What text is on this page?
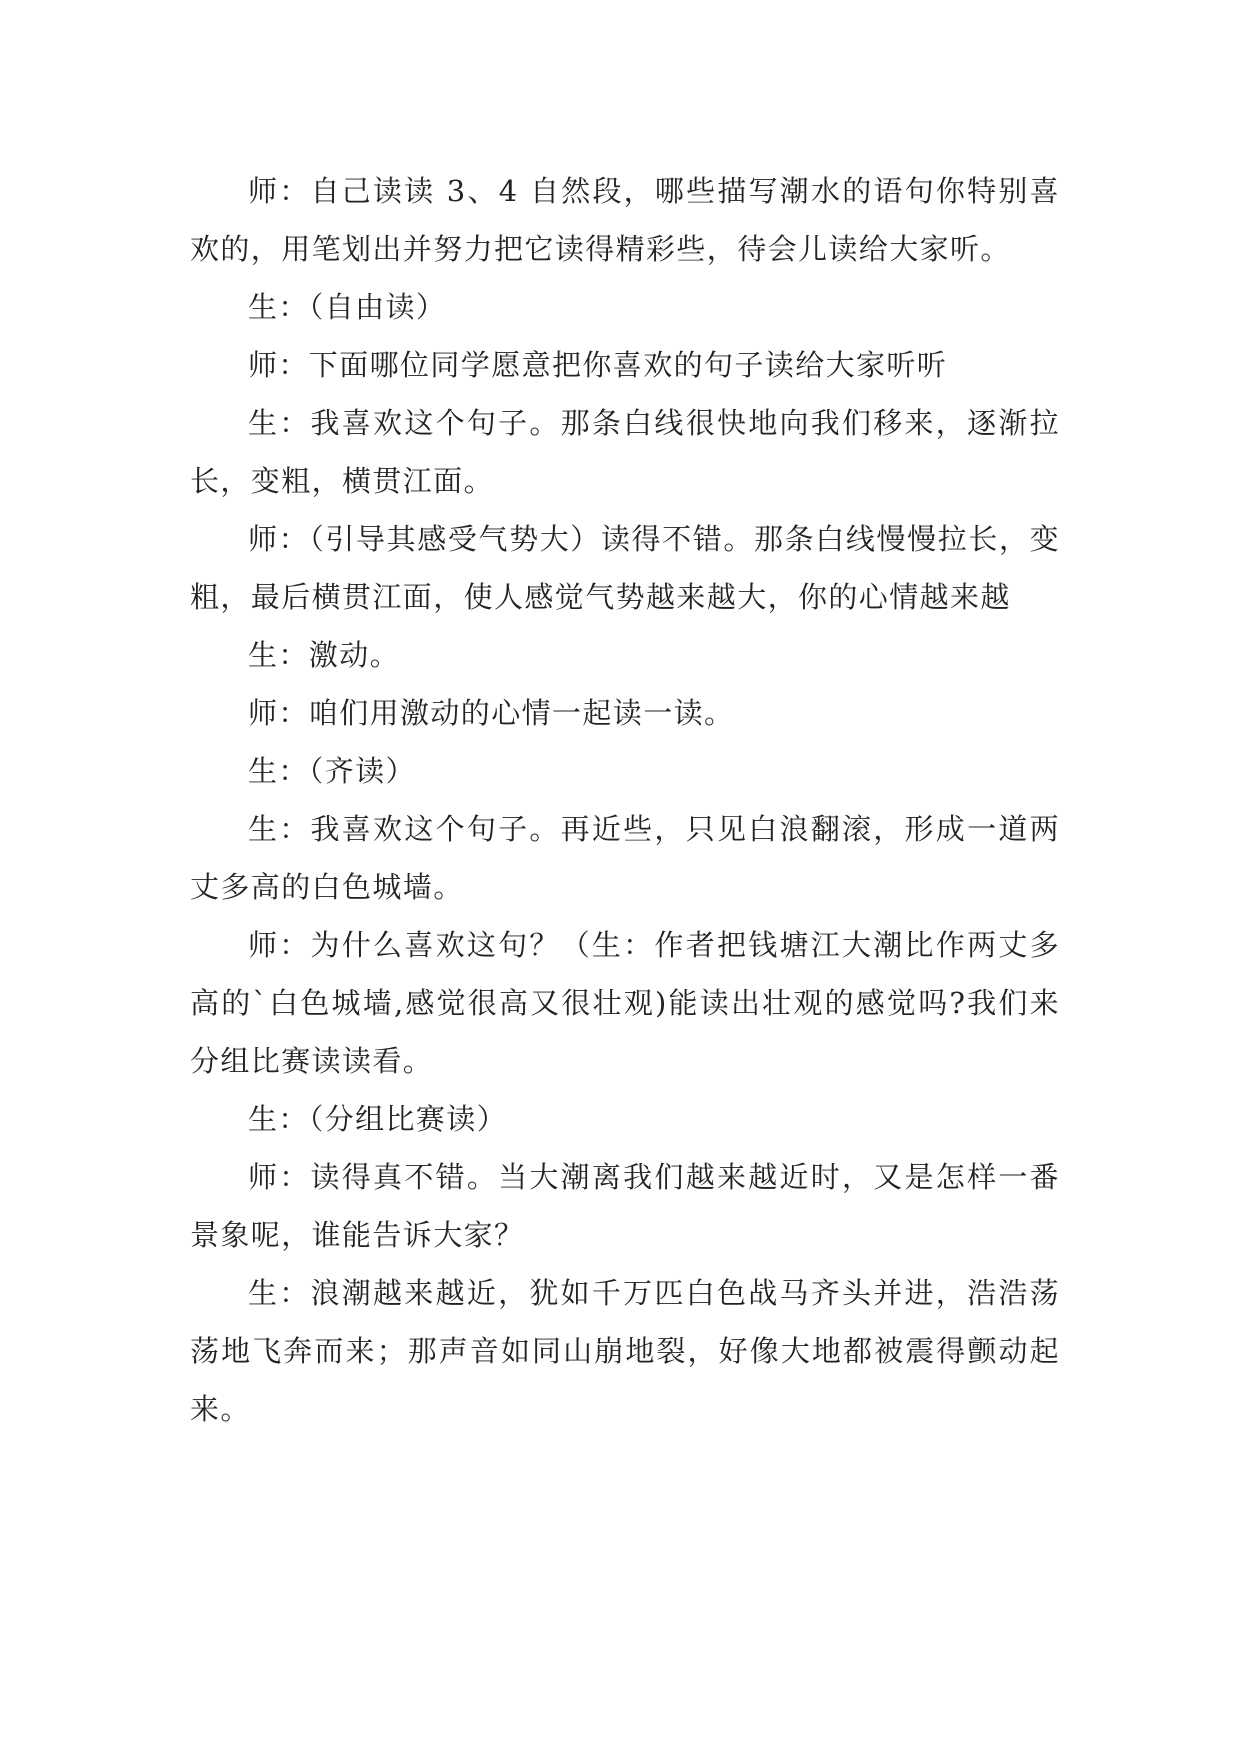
师：自己读读 3、4 自然段，哪些描写潮水的语句你特别喜欢的，用笔划出并努力把它读得精彩些，待会儿读给大家听。

生：（自由读）

师：下面哪位同学愿意把你喜欢的句子读给大家听听

生：我喜欢这个句子。那条白线很快地向我们移来，逐渐拉长，变粗，横贯江面。

师：（引导其感受气势大）读得不错。那条白线慢慢拉长，变粗，最后横贯江面，使人感觉气势越来越大，你的心情越来越

生：激动。

师：咱们用激动的心情一起读一读。

生：（齐读）

生：我喜欢这个句子。再近些，只见白浪翻滚，形成一道两丈多高的白色城墙。

师：为什么喜欢这句？（生：作者把钱塘江大潮比作两丈多高的`白色城墙,感觉很高又很壮观)能读出壮观的感觉吗?我们来分组比赛读读看。

生：（分组比赛读）

师：读得真不错。当大潮离我们越来越近时，又是怎样一番景象呢，谁能告诉大家？

生：浪潮越来越近，犹如千万匹白色战马齐头并进，浩浩荡荡地飞奔而来；那声音如同山崩地裂，好像大地都被震得颤动起来。
